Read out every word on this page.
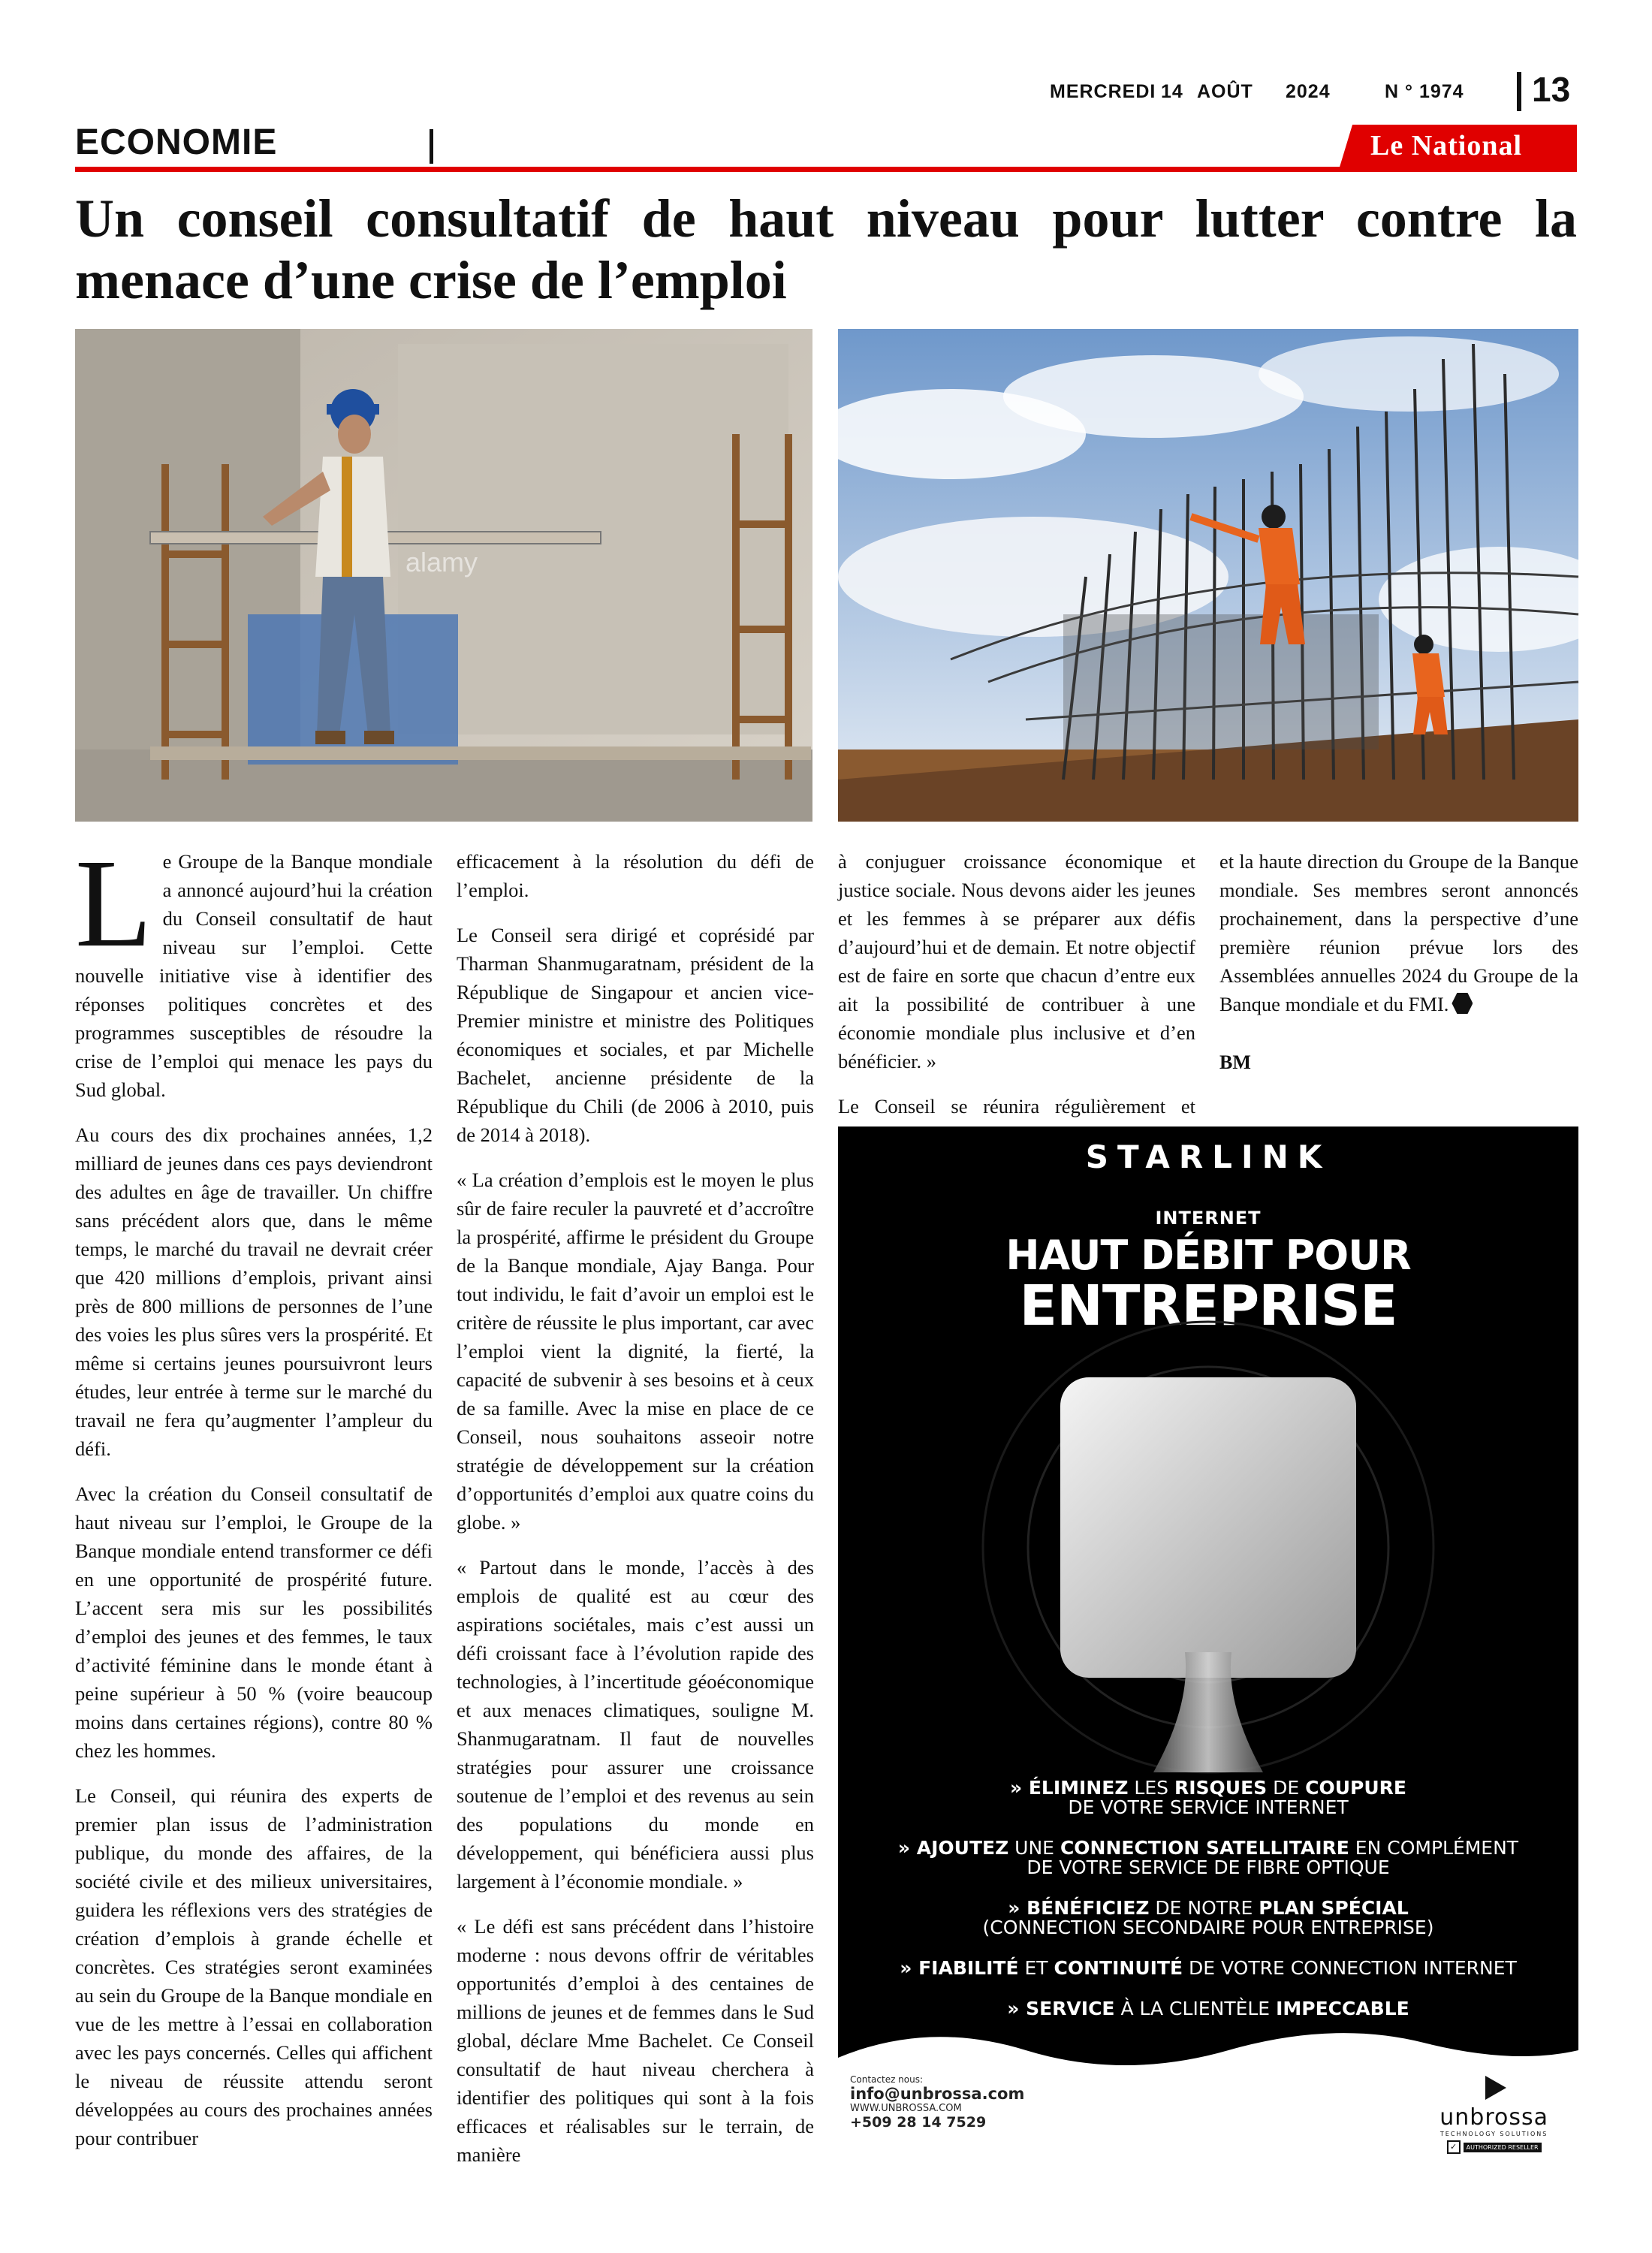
MERCREDI 14 AOÛT 2024	N ° 1974 13
ECONOMIE	Le National
Un conseil consultatif de haut niveau pour lutter contre la menace d’une crise de l’emploi
alamy

Le Groupe de la Banque mondiale a annoncé aujourd’hui la création du Conseil consultatif de haut niveau sur l’emploi. Cette nouvelle initiative vise à identifier des réponses politiques concrètes et des programmes susceptibles de résoudre la crise de l’emploi qui menace les pays du Sud global.

Au cours des dix prochaines années, 1,2 milliard de jeunes dans ces pays deviendront des adultes en âge de travailler. Un chiffre sans précédent alors que, dans le même temps, le marché du travail ne devrait créer que 420 millions d’emplois, privant ainsi près de 800 millions de personnes de l’une des voies les plus sûres vers la prospérité. Et même si certains jeunes poursuivront leurs études, leur entrée à terme sur le marché du travail ne fera qu’augmenter l’ampleur du défi.

Avec la création du Conseil consultatif de haut niveau sur l’emploi, le Groupe de la Banque mondiale entend transformer ce défi en une opportunité de prospérité future. L’accent sera mis sur les possibilités d’emploi des jeunes et des femmes, le taux d’activité féminine dans le monde étant à peine supérieur à 50 % (voire beaucoup moins dans certaines régions), contre 80 % chez les hommes.

Le Conseil, qui réunira des experts de premier plan issus de l’administration publique, du monde des affaires, de la société civile et des milieux universitaires, guidera les réflexions vers des stratégies de création d’emplois à grande échelle et concrètes. Ces stratégies seront examinées au sein du Groupe de la Banque mondiale en vue de les mettre à l’essai en collaboration avec les pays concernés. Celles qui affichent le niveau de réussite attendu seront développées au cours des prochaines années pour contribuer

efficacement à la résolution du défi de l’emploi.

Le Conseil sera dirigé et coprésidé par Tharman Shanmugaratnam, président de la République de Singapour et ancien vice-Premier ministre et ministre des Politiques économiques et sociales, et par Michelle Bachelet, ancienne présidente de la République du Chili (de 2006 à 2010, puis de 2014 à 2018).

« La création d’emplois est le moyen le plus sûr de faire reculer la pauvreté et d’accroître la prospérité, affirme le président du Groupe de la Banque mondiale, Ajay Banga. Pour tout individu, le fait d’avoir un emploi est le critère de réussite le plus important, car avec l’emploi vient la dignité, la fierté, la capacité de subvenir à ses besoins et à ceux de sa famille. Avec la mise en place de ce Conseil, nous souhaitons asseoir notre stratégie de développement sur la création d’opportunités d’emploi aux quatre coins du globe. »

« Partout dans le monde, l’accès à des emplois de qualité est au cœur des aspirations sociétales, mais c’est aussi un défi croissant face à l’évolution rapide des technologies, à l’incertitude géoéconomique et aux menaces climatiques, souligne M. Shanmugaratnam. Il faut de nouvelles stratégies pour assurer une croissance soutenue de l’emploi et des revenus au sein des populations du monde en développement, qui bénéficiera aussi plus largement à l’économie mondiale. »

« Le défi est sans précédent dans l’histoire moderne : nous devons offrir de véritables opportunités d’emploi à des centaines de millions de jeunes et de femmes dans le Sud global, déclare Mme Bachelet. Ce Conseil consultatif de haut niveau cherchera à identifier des politiques qui sont à la fois efficaces et réalisables sur le terrain, de manière

à conjuguer croissance économique et justice sociale. Nous devons aider les jeunes et les femmes à se préparer aux défis d’aujourd’hui et de demain. Et notre objectif est de faire en sorte que chacun d’entre eux ait la possibilité de contribuer à une économie mondiale plus inclusive et d’en bénéficier. »

Le Conseil se réunira régulièrement et

et la haute direction du Groupe de la Banque mondiale. Ses membres seront annoncés prochainement, dans la perspective d’une première réunion prévue lors des Assemblées annuelles 2024 du Groupe de la Banque mondiale et du FMI.

BM

STARLINK
INTERNET
HAUT DÉBIT POUR
ENTREPRISE
» ÉLIMINEZ LES RISQUES DE COUPURE
DE VOTRE SERVICE INTERNET
» AJOUTEZ UNE CONNECTION SATELLITAIRE EN COMPLÉMENT
DE VOTRE SERVICE DE FIBRE OPTIQUE
» BÉNÉFICIEZ DE NOTRE PLAN SPÉCIAL
(CONNECTION SECONDAIRE POUR ENTREPRISE)
» FIABILITÉ ET CONTINUITÉ DE VOTRE CONNECTION INTERNET
» SERVICE À LA CLIENTÈLE IMPECCABLE
Contactez nous:
info@unbrossa.com
WWW.UNBROSSA.COM
+509 28 14 7529	unbrossa
TECHNOLOGY SOLUTIONS
✓	AUTHORIZED RESELLER
